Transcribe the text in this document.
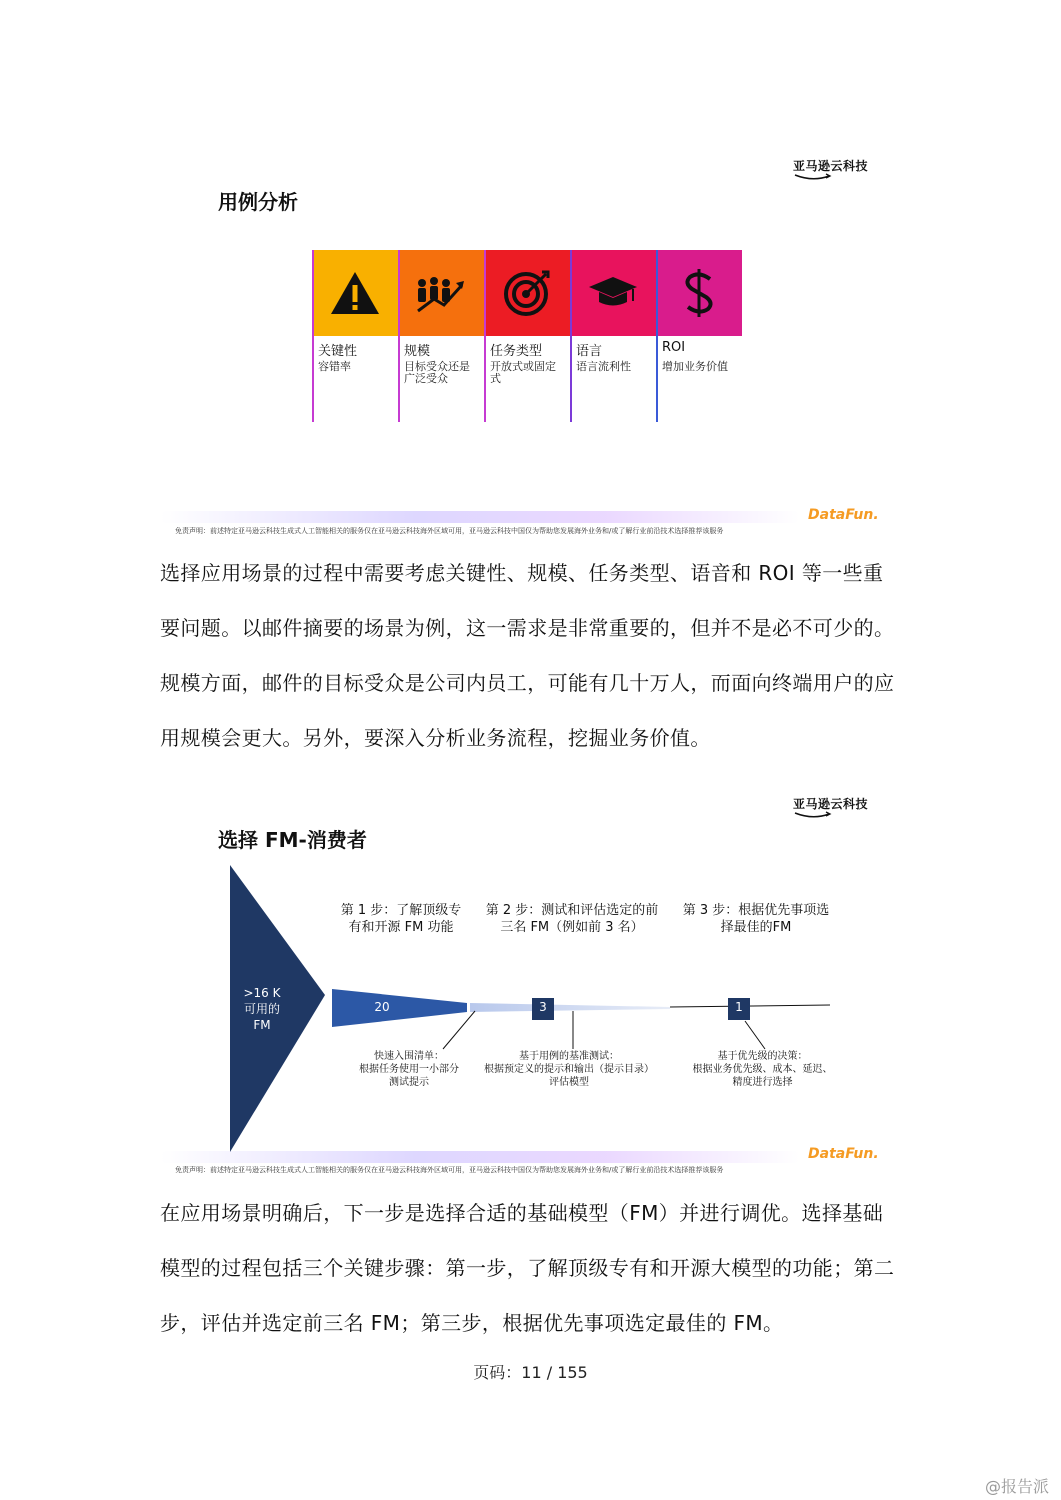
亚马逊云科技
用例分析
关键性
容错率
规模
目标受众还是广泛受众
任务类型
开放式或固定式
语言
语言流利性
ROI
增加业务价值
免责声明：前述特定亚马逊云科技生成式人工智能相关的服务仅在亚马逊云科技海外区域可用，亚马逊云科技中国仅为帮助您发展海外业务和/或了解行业前沿技术选择推荐该服务
DataFun.
选择应用场景的过程中需要考虑关键性、规模、任务类型、语音和 ROI 等一些重要问题。以邮件摘要的场景为例，这一需求是非常重要的，但并不是必不可少的。规模方面，邮件的目标受众是公司内员工，可能有几十万人，而面向终端用户的应用规模会更大。另外，要深入分析业务流程，挖掘业务价值。
亚马逊云科技
选择 FM-消费者
>16 K
可用的
FM
20	3	1
第 1 步：了解顶级专
有和开源 FM 功能
第 2 步：测试和评估选定的前
三名 FM（例如前 3 名）
第 3 步：根据优先事项选
择最佳的FM
快速入围清单：
根据任务使用一小部分
测试提示
基于用例的基准测试：
根据预定义的提示和输出（提示目录）
评估模型
基于优先级的决策：
根据业务优先级、成本、延迟、
精度进行选择
免责声明：前述特定亚马逊云科技生成式人工智能相关的服务仅在亚马逊云科技海外区域可用，亚马逊云科技中国仅为帮助您发展海外业务和/或了解行业前沿技术选择推荐该服务
DataFun.
在应用场景明确后，下一步是选择合适的基础模型（FM）并进行调优。选择基础模型的过程包括三个关键步骤：第一步，了解顶级专有和开源大模型的功能；第二步，评估并选定前三名 FM；第三步，根据优先事项选定最佳的 FM。
页码：11 / 155
@报告派
